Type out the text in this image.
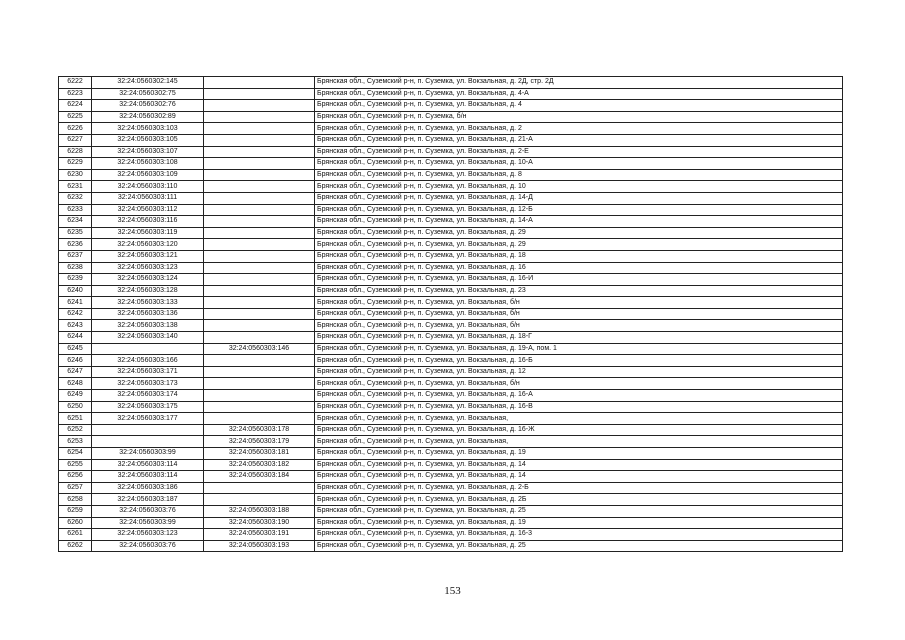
6222	32:24:0560302:145		Брянская обл., Суземский р-н, п. Суземка, ул. Вокзальная, д. 2Д, стр. 2Д
6223	32:24:0560302:75		Брянская обл., Суземский р-н, п. Суземка, ул. Вокзальная, д. 4-А
6224	32:24:0560302:76		Брянская обл., Суземский р-н, п. Суземка, ул. Вокзальная, д. 4
6225	32:24:0560302:89		Брянская обл., Суземский р-н, п. Суземка, б/н
6226	32:24:0560303:103		Брянская обл., Суземский р-н, п. Суземка, ул. Вокзальная, д. 2
6227	32:24:0560303:105		Брянская обл., Суземский р-н, п. Суземка, ул. Вокзальная, д. 21-А
6228	32:24:0560303:107		Брянская обл., Суземский р-н, п. Суземка, ул. Вокзальная, д. 2-Е
6229	32:24:0560303:108		Брянская обл., Суземский р-н, п. Суземка, ул. Вокзальная, д. 10-А
6230	32:24:0560303:109		Брянская обл., Суземский р-н, п. Суземка, ул. Вокзальная, д. 8
6231	32:24:0560303:110		Брянская обл., Суземский р-н, п. Суземка, ул. Вокзальная, д. 10
6232	32:24:0560303:111		Брянская обл., Суземский р-н, п. Суземка, ул. Вокзальная, д. 14-Д
6233	32:24:0560303:112		Брянская обл., Суземский р-н, п. Суземка, ул. Вокзальная, д. 12-Б
6234	32:24:0560303:116		Брянская обл., Суземский р-н, п. Суземка, ул. Вокзальная, д. 14-А
6235	32:24:0560303:119		Брянская обл., Суземский р-н, п. Суземка, ул. Вокзальная, д. 29
6236	32:24:0560303:120		Брянская обл., Суземский р-н, п. Суземка, ул. Вокзальная, д. 29
6237	32:24:0560303:121		Брянская обл., Суземский р-н, п. Суземка, ул. Вокзальная, д. 18
6238	32:24:0560303:123		Брянская обл., Суземский р-н, п. Суземка, ул. Вокзальная, д. 16
6239	32:24:0560303:124		Брянская обл., Суземский р-н, п. Суземка, ул. Вокзальная, д. 16-И
6240	32:24:0560303:128		Брянская обл., Суземский р-н, п. Суземка, ул. Вокзальная, д. 23
6241	32:24:0560303:133		Брянская обл., Суземский р-н, п. Суземка, ул. Вокзальная, б/н
6242	32:24:0560303:136		Брянская обл., Суземский р-н, п. Суземка, ул. Вокзальная, б/н
6243	32:24:0560303:138		Брянская обл., Суземский р-н, п. Суземка, ул. Вокзальная, б/н
6244	32:24:0560303:140		Брянская обл., Суземский р-н, п. Суземка, ул. Вокзальная, д. 18-Г
6245		32:24:0560303:146	Брянская обл., Суземский р-н, п. Суземка, ул. Вокзальная, д. 19-А, пом. 1
6246	32:24:0560303:166		Брянская обл., Суземский р-н, п. Суземка, ул. Вокзальная, д. 16-Б
6247	32:24:0560303:171		Брянская обл., Суземский р-н, п. Суземка, ул. Вокзальная, д. 12
6248	32:24:0560303:173		Брянская обл., Суземский р-н, п. Суземка, ул. Вокзальная, б/н
6249	32:24:0560303:174		Брянская обл., Суземский р-н, п. Суземка, ул. Вокзальная, д. 16-А
6250	32:24:0560303:175		Брянская обл., Суземский р-н, п. Суземка, ул. Вокзальная, д. 16-В
6251	32:24:0560303:177		Брянская обл., Суземский р-н, п. Суземка, ул. Вокзальная,
6252		32:24:0560303:178	Брянская обл., Суземский р-н, п. Суземка, ул. Вокзальная, д. 16-Ж
6253		32:24:0560303:179	Брянская обл., Суземский р-н, п. Суземка, ул. Вокзальная,
6254	32:24:0560303:99	32:24:0560303:181	Брянская обл., Суземский р-н, п. Суземка, ул. Вокзальная, д. 19
6255	32:24:0560303:114	32:24:0560303:182	Брянская обл., Суземский р-н, п. Суземка, ул. Вокзальная, д. 14
6256	32:24:0560303:114	32:24:0560303:184	Брянская обл., Суземский р-н, п. Суземка, ул. Вокзальная, д. 14
6257	32:24:0560303:186		Брянская обл., Суземский р-н, п. Суземка, ул. Вокзальная, д. 2-Б
6258	32:24:0560303:187		Брянская обл., Суземский р-н, п. Суземка, ул. Вокзальная, д. 2Б
6259	32:24:0560303:76	32:24:0560303:188	Брянская обл., Суземский р-н, п. Суземка, ул. Вокзальная, д. 25
6260	32:24:0560303:99	32:24:0560303:190	Брянская обл., Суземский р-н, п. Суземка, ул. Вокзальная, д. 19
6261	32:24:0560303:123	32:24:0560303:191	Брянская обл., Суземский р-н, п. Суземка, ул. Вокзальная, д. 16-3
6262	32:24:0560303:76	32:24:0560303:193	Брянская обл., Суземский р-н, п. Суземка, ул. Вокзальная, д. 25
153
